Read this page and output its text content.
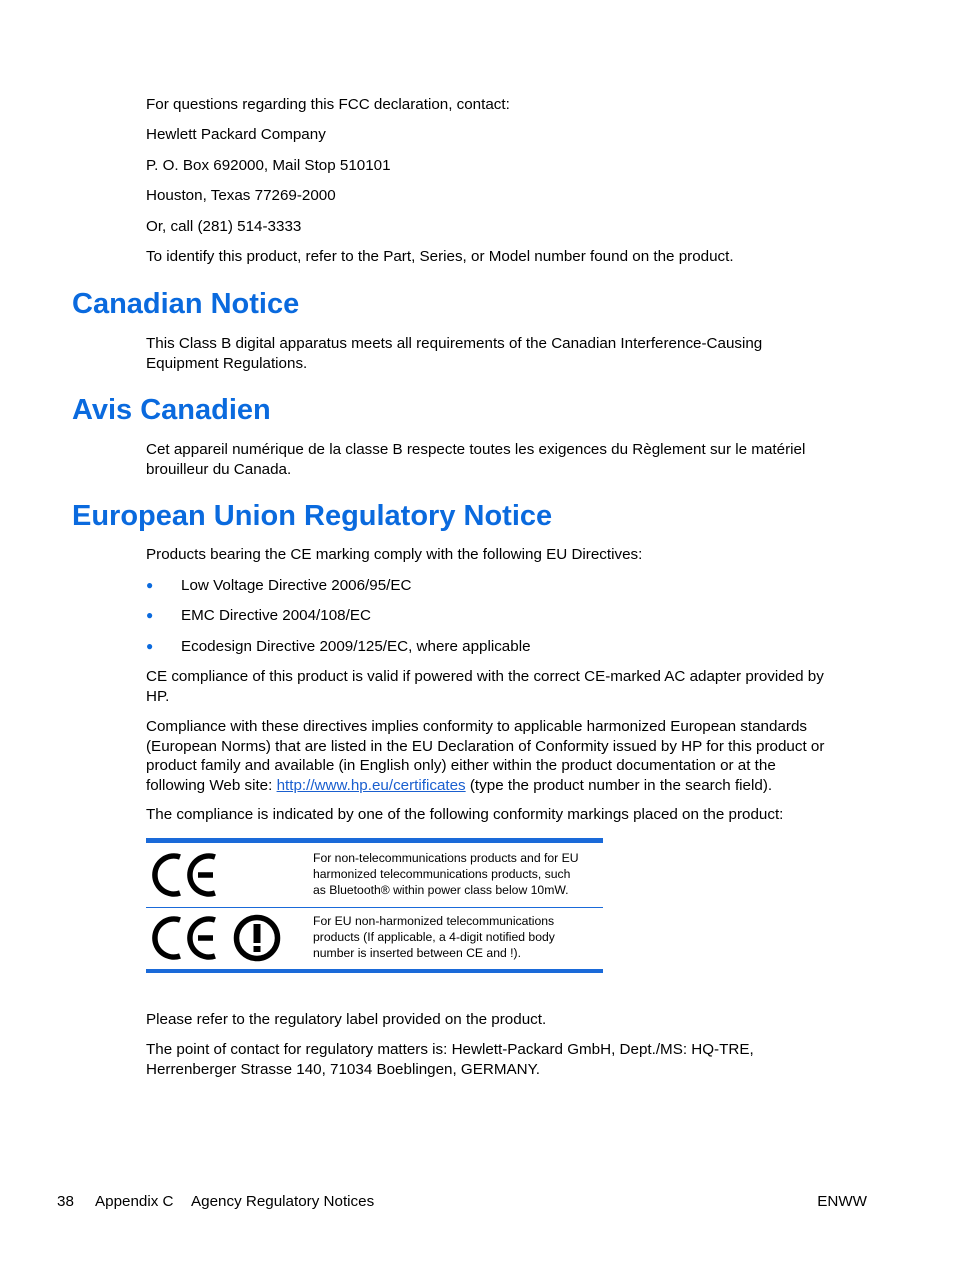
For questions regarding this FCC declaration, contact:

Hewlett Packard Company

P. O. Box 692000, Mail Stop 510101

Houston, Texas 77269-2000

Or, call (281) 514-3333

To identify this product, refer to the Part, Series, or Model number found on the product.

Canadian Notice
This Class B digital apparatus meets all requirements of the Canadian Interference-Causing
Equipment Regulations.
Avis Canadien
Cet appareil numérique de la classe B respecte toutes les exigences du Règlement sur le matériel
brouilleur du Canada.
European Union Regulatory Notice

Products bearing the CE marking comply with the following EU Directives:

● Low Voltage Directive 2006/95/EC
● EMC Directive 2004/108/EC
● Ecodesign Directive 2009/125/EC, where applicable
CE compliance of this product is valid if powered with the correct CE-marked AC adapter provided by
HP.
Compliance with these directives implies conformity to applicable harmonized European standards
(European Norms) that are listed in the EU Declaration of Conformity issued by HP for this product or
product family and available (in English only) either within the product documentation or at the
following Web site: http://www.hp.eu/certificates (type the product number in the search field).

The compliance is indicated by one of the following conformity markings placed on the product:

For non-telecommunications products and for EU
harmonized telecommunications products, such
as Bluetooth® within power class below 10mW.
For EU non-harmonized telecommunications
products (If applicable, a 4-digit notified body
number is inserted between CE and !).

Please refer to the regulatory label provided on the product.

The point of contact for regulatory matters is: Hewlett-Packard GmbH, Dept./MS: HQ-TRE,
Herrenberger Strasse 140, 71034 Boeblingen, GERMANY.
38 Appendix C Agency Regulatory Notices	ENWW
